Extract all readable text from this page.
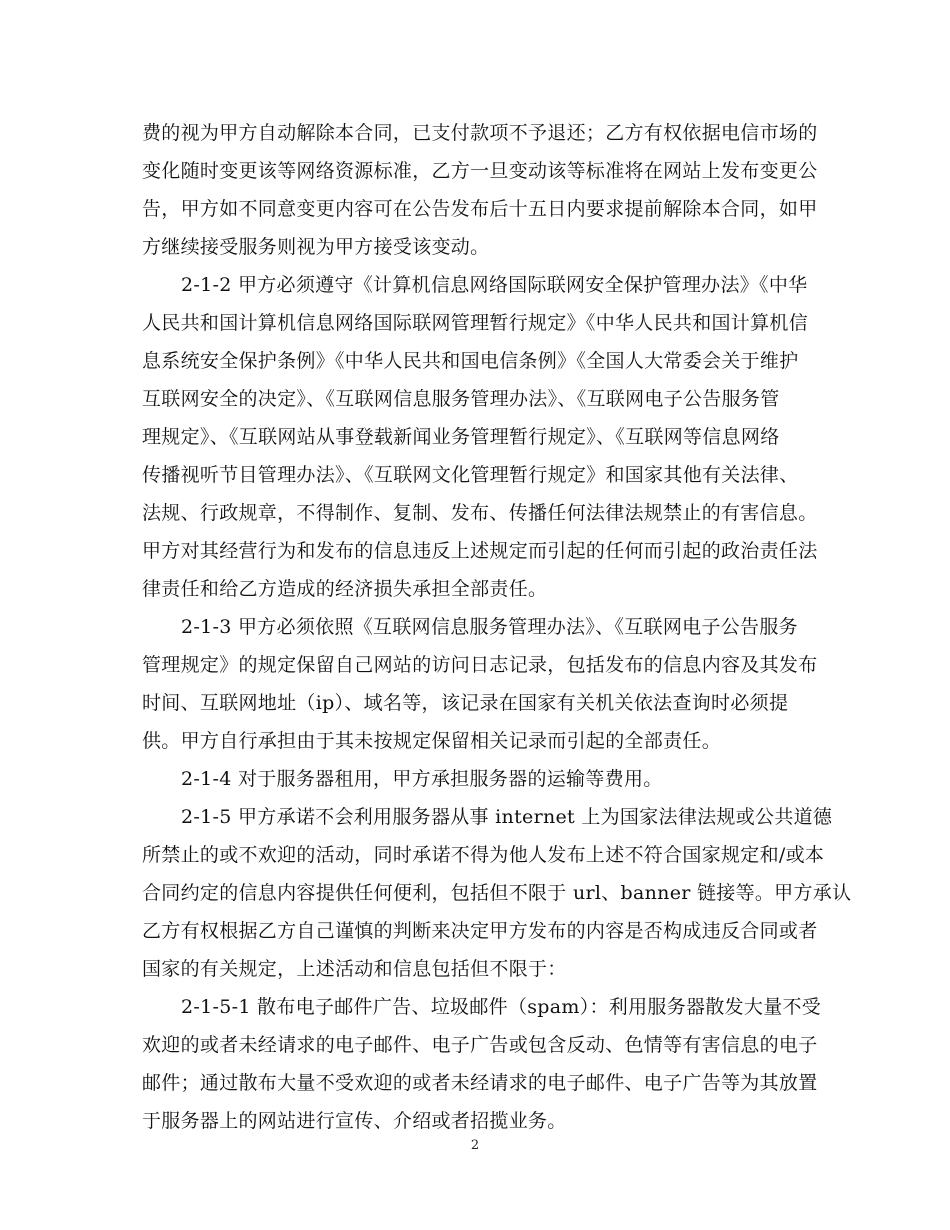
费的视为甲方自动解除本合同，已支付款项不予退还；乙方有权依据电信市场的
变化随时变更该等网络资源标准，乙方一旦变动该等标准将在网站上发布变更公
告，甲方如不同意变更内容可在公告发布后十五日内要求提前解除本合同，如甲
方继续接受服务则视为甲方接受该变动。
2-1-2 甲方必须遵守《计算机信息网络国际联网安全保护管理办法》《中华
人民共和国计算机信息网络国际联网管理暂行规定》《中华人民共和国计算机信
息系统安全保护条例》《中华人民共和国电信条例》《全国人大常委会关于维护
互联网安全的决定》、《互联网信息服务管理办法》、《互联网电子公告服务管
理规定》、《互联网站从事登载新闻业务管理暂行规定》、《互联网等信息网络
传播视听节目管理办法》、《互联网文化管理暂行规定》和国家其他有关法律、
法规、行政规章，不得制作、复制、发布、传播任何法律法规禁止的有害信息。
甲方对其经营行为和发布的信息违反上述规定而引起的任何而引起的政治责任法
律责任和给乙方造成的经济损失承担全部责任。
2-1-3 甲方必须依照《互联网信息服务管理办法》、《互联网电子公告服务
管理规定》的规定保留自己网站的访问日志记录，包括发布的信息内容及其发布
时间、互联网地址（ip）、域名等，该记录在国家有关机关依法查询时必须提
供。甲方自行承担由于其未按规定保留相关记录而引起的全部责任。
2-1-4 对于服务器租用，甲方承担服务器的运输等费用。
2-1-5 甲方承诺不会利用服务器从事 internet 上为国家法律法规或公共道德
所禁止的或不欢迎的活动，同时承诺不得为他人发布上述不符合国家规定和/或本
合同约定的信息内容提供任何便利，包括但不限于 url、banner 链接等。甲方承认
乙方有权根据乙方自己谨慎的判断来决定甲方发布的内容是否构成违反合同或者
国家的有关规定，上述活动和信息包括但不限于：
2-1-5-1 散布电子邮件广告、垃圾邮件（spam）：利用服务器散发大量不受
欢迎的或者未经请求的电子邮件、电子广告或包含反动、色情等有害信息的电子
邮件；通过散布大量不受欢迎的或者未经请求的电子邮件、电子广告等为其放置
于服务器上的网站进行宣传、介绍或者招揽业务。
2
